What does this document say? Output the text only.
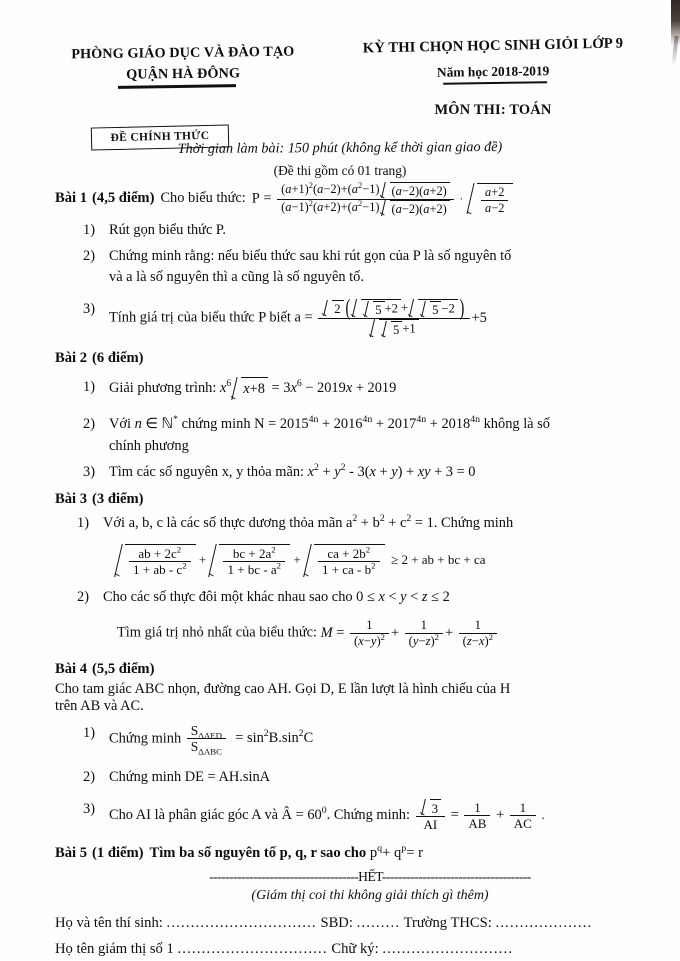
PHÒNG GIÁO DỤC VÀ ĐÀO TẠO
QUẬN HÀ ĐÔNG
ĐỀ CHÍNH THỨC
KỲ THI CHỌN HỌC SINH GIỎI LỚP 9
Năm học 2018-2019
MÔN THI: TOÁN
Thời gian làm bài: 150 phút (không kể thời gian giao đề)
(Đề thi gồm có 01 trang)
Bài 1 (4,5 điểm) Cho biểu thức: $P = \frac{(a+1)^2(a-2)+(a^2-1) (a-2)(a+2)}{(a-1)^2(a+2)+(a^2-1) (a-2)(a+2)} \cdot \frac{a+2}{a-2}$
1) Rút gọn biểu thức P.
2) Chứng minh rằng: nếu biểu thức sau khi rút gọn của P là số nguyên tố
và a là số nguyên thì a cũng là số nguyên tố.
3)
Tính giá trị của biểu thức P biết $a = \frac{2 ( 5 +2 + 5 -2 )}{5 +1} +5$
Bài 2 (6 điểm)
1) Giải phương trình: $x^6$ $x+8 = 3x^6 - 2019x + 2019$
2) Với n ∈ ℕ* chứng minh $N = 2015^{4n} + 2016^{4n} + 2017^{4n} + 2018^{4n}$ không là số
chính phương
3) Tìm các số nguyên x, y thỏa mãn: $x^2 + y^2 - 3(x + y)$ + xy + 3 = 0
Bài 3 (3 điểm)
1) Với a, b, c là các số thực dương thỏa mãn $a^2 + b^2 + c^2 = 1$. Chứng minh
$\frac{ab + 2c^2}{1 + ab - c^2} + \frac{bc + 2a^2}{1 + bc - a^2} + \frac{ca + 2b^2}{1 + ca - b^2} \ge 2$ + ab + bc + ca
2) Cho các số thực đôi một khác nhau sao cho 0 ≤ x < y < z ≤ 2
Tìm giá trị nhỏ nhất của biểu thức: $M = \frac{1}{(x-y)^2} + \frac{1}{(y-z)^2} + \frac{1}{(z-x)^2}$
Bài 4 (5,5 điểm)
Cho tam giác ABC nhọn, đường cao AH. Gọi D, E lần lượt là hình chiếu của H
trên AB và AC.
1) Chứng minh $\frac{S_{\Delta AED}}{S_{\Delta ABC}} = \sin^2B.\sin^2C$
2) Chứng minh DE = AH.sinA
3) Cho AI là phân giác góc A và Â = $60^0$. Chứng minh: $\frac{3}{AI} = \frac{1}{AB} + \frac{1}{AC}$ .
Bài 5 (1 điểm) Tìm ba số nguyên tố p, q, r sao cho $p^q+ q^p= r$
-------------------------------------HẾT-------------------------------------
(Giám thị coi thi không giải thích gì thêm)
Họ và tên thí sinh: ............................... SBD: ......... Trường THCS: ....................
Họ tên giám thị số 1 ............................... Chữ ký: ...........................
